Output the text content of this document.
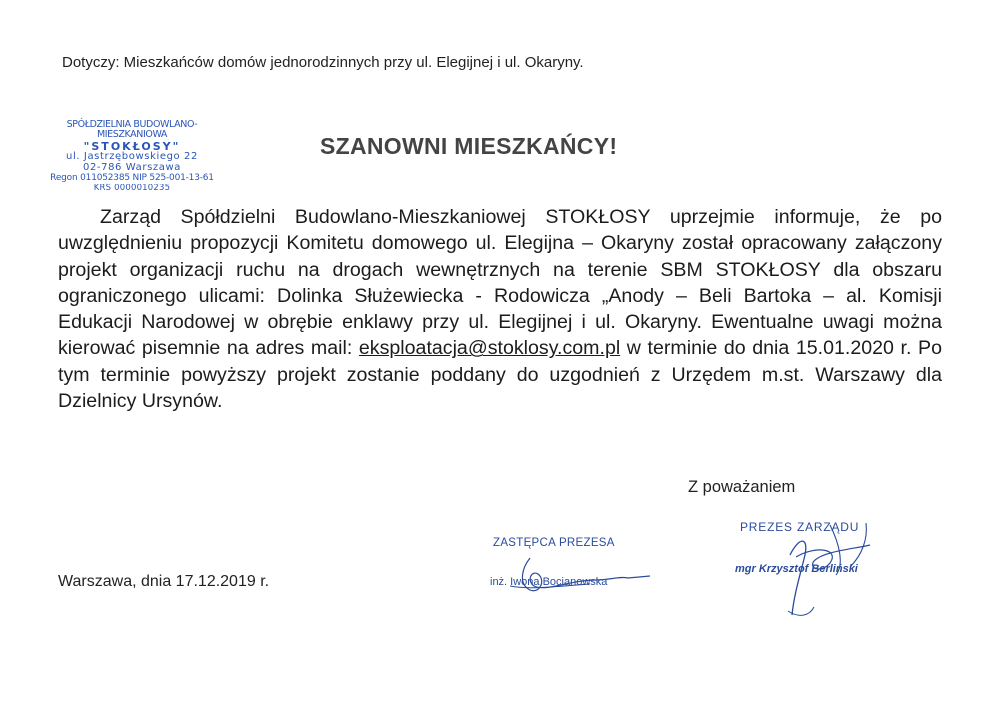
Dotyczy: Mieszkańców domów jednorodzinnych przy ul. Elegijnej i ul. Okaryny.
SPÓŁDZIELNIA BUDOWLANO-MIESZKANIOWA
"STOKŁOSY"
ul. Jastrzębowskiego 22
02-786 Warszawa
Regon 011052385 NIP 525-001-13-61
KRS 0000010235
SZANOWNI MIESZKAŃCY!
Zarząd Spółdzielni Budowlano-Mieszkaniowej STOKŁOSY uprzejmie informuje, że po uwzględnieniu propozycji Komitetu domowego ul. Elegijna – Okaryny został opracowany załączony projekt organizacji ruchu na drogach wewnętrznych na terenie SBM STOKŁOSY dla obszaru ograniczonego ulicami: Dolinka Służewiecka - Rodowicza „Anody – Beli Bartoka – al. Komisji Edukacji Narodowej w obrębie enklawy przy ul. Elegijnej i ul. Okaryny. Ewentualne uwagi można kierować pisemnie na adres mail: eksploatacja@stoklosy.com.pl w terminie do dnia 15.01.2020 r. Po tym terminie powyższy projekt zostanie poddany do uzgodnień z Urzędem m.st. Warszawy dla Dzielnicy Ursynów.
Z poważaniem
ZASTĘPCA PREZESA
inż. Iwona Bocianowska
PREZES ZARZĄDU
mgr Krzysztof Berliński
Warszawa, dnia 17.12.2019 r.
